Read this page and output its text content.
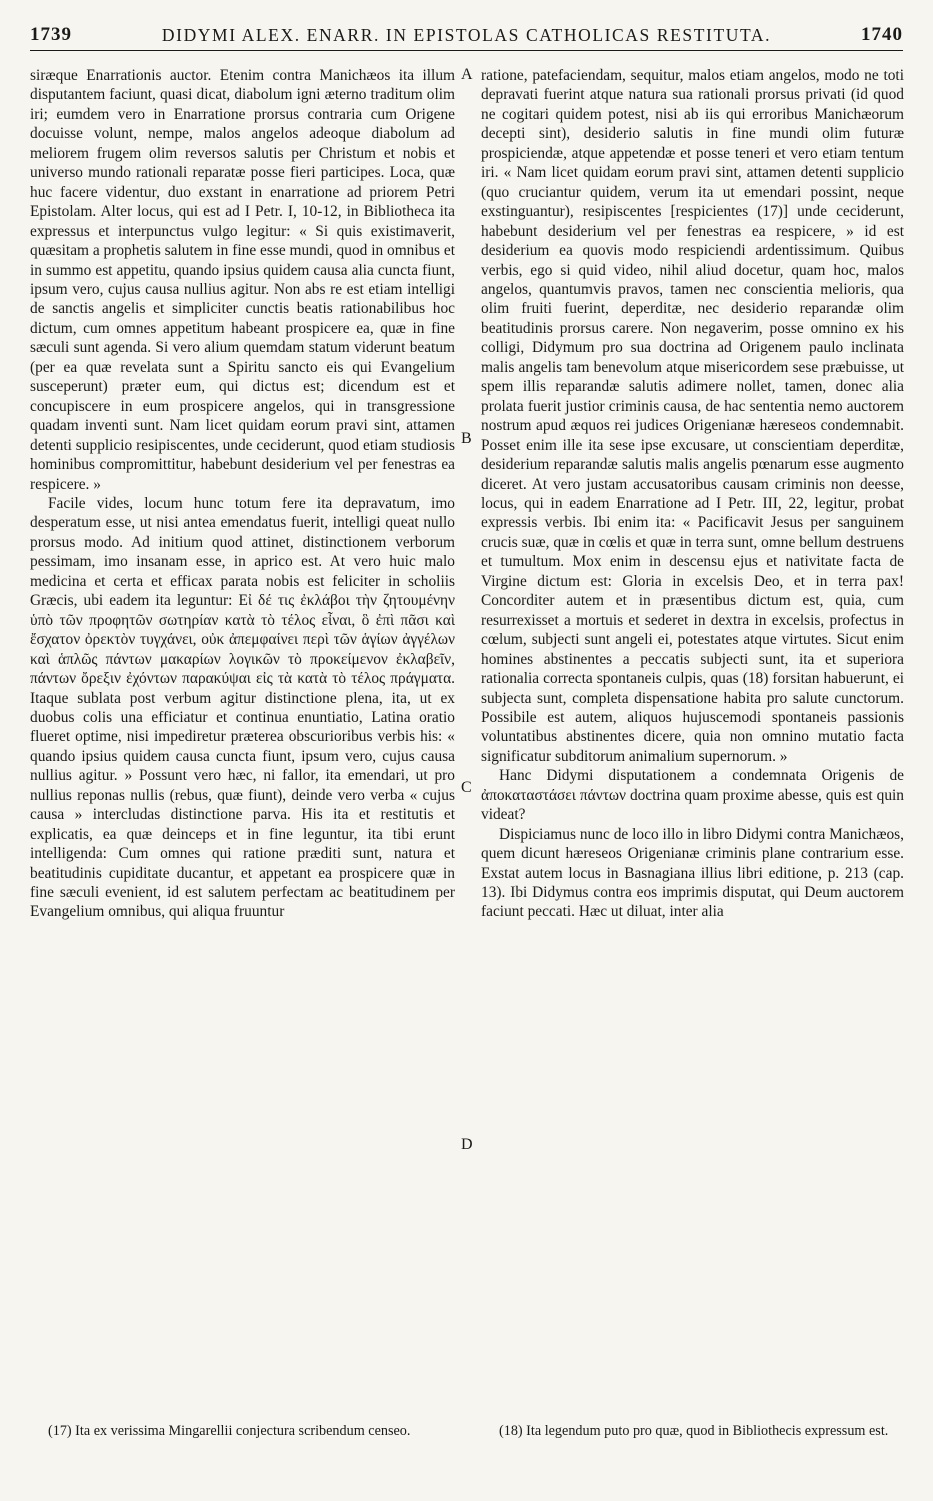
1739	DIDYMI ALEX. ENARR. IN EPISTOLAS CATHOLICAS RESTITUTA.	1740

siræque Enarrationis auctor. Etenim contra Manichæos ita illum disputantem faciunt, quasi dicat, diabolum igni æterno traditum olim iri; eumdem vero in Enarratione prorsus contraria cum Origene docuisse volunt, nempe, malos angelos adeoque diabolum ad meliorem frugem olim reversos salutis per Christum et nobis et universo mundo rationali reparatæ posse fieri participes. Loca, quæ huc facere videntur, duo exstant in enarratione ad priorem Petri Epistolam. Alter locus, qui est ad I Petr. I, 10-12, in Bibliotheca ita expressus et interpunctus vulgo legitur: « Si quis existimaverit, quæsitam a prophetis salutem in fine esse mundi, quod in omnibus et in summo est appetitu, quando ipsius quidem causa alia cuncta fiunt, ipsum vero, cujus causa nullius agitur. Non abs re est etiam intelligi de sanctis angelis et simpliciter cunctis beatis rationabilibus hoc dictum, cum omnes appetitum habeant prospicere ea, quæ in fine sæculi sunt agenda. Si vero alium quemdam statum viderunt beatum (per ea quæ revelata sunt a Spiritu sancto eis qui Evangelium susceperunt) præter eum, qui dictus est; dicendum est et concupiscere in eum prospicere angelos, qui in transgressione quadam inventi sunt. Nam licet quidam eorum pravi sint, attamen detenti supplicio resipiscentes, unde ceciderunt, quod etiam studiosis hominibus compromittitur, habebunt desiderium vel per fenestras ea respicere. »

Facile vides, locum hunc totum fere ita depravatum, imo desperatum esse, ut nisi antea emendatus fuerit, intelligi queat nullo prorsus modo. Ad initium quod attinet, distinctionem verborum pessimam, imo insanam esse, in aprico est. At vero huic malo medicina et certa et efficax parata nobis est feliciter in scholiis Græcis, ubi eadem ita leguntur: Εἰ δέ τις ἐκλάβοι τὴν ζητουμένην ὑπὸ τῶν προφητῶν σωτηρίαν κατὰ τὸ τέλος εἶναι, ὃ ἐπὶ πᾶσι καὶ ἔσχατον ὀρεκτὸν τυγχάνει, οὐκ ἀπεμφαίνει περὶ τῶν ἁγίων ἀγγέλων καὶ ἁπλῶς πάντων μακαρίων λογικῶν τὸ προκείμενον ἐκλαβεῖν, πάντων ὄρεξιν ἐχόντων παρακύψαι εἰς τὰ κατὰ τὸ τέλος πράγματα. Itaque sublata post verbum agitur distinctione plena, ita, ut ex duobus colis una efficiatur et continua enuntiatio, Latina oratio flueret optime, nisi impediretur præterea obscurioribus verbis his: « quando ipsius quidem causa cuncta fiunt, ipsum vero, cujus causa nullius agitur. » Possunt vero hæc, ni fallor, ita emendari, ut pro nullius reponas nullis (rebus, quæ fiunt), deinde vero verba « cujus causa » intercludas distinctione parva. His ita et restitutis et explicatis, ea quæ deinceps et in fine leguntur, ita tibi erunt intelligenda: Cum omnes qui ratione præditi sunt, natura et beatitudinis cupiditate ducantur, et appetant ea prospicere quæ in fine sæculi evenient, id est salutem perfectam ac beatitudinem per Evangelium omnibus, qui aliqua fruuntur

A
B
C
D

ratione, patefaciendam, sequitur, malos etiam angelos, modo ne toti depravati fuerint atque natura sua rationali prorsus privati (id quod ne cogitari quidem potest, nisi ab iis qui erroribus Manichæorum decepti sint), desiderio salutis in fine mundi olim futuræ prospiciendæ, atque appetendæ et posse teneri et vero etiam tentum iri. « Nam licet quidam eorum pravi sint, attamen detenti supplicio (quo cruciantur quidem, verum ita ut emendari possint, neque exstinguantur), resipiscentes [respicientes (17)] unde ceciderunt, habebunt desiderium vel per fenestras ea respicere, » id est desiderium ea quovis modo respiciendi ardentissimum. Quibus verbis, ego si quid video, nihil aliud docetur, quam hoc, malos angelos, quantumvis pravos, tamen nec conscientia melioris, qua olim fruiti fuerint, deperditæ, nec desiderio reparandæ olim beatitudinis prorsus carere. Non negaverim, posse omnino ex his colligi, Didymum pro sua doctrina ad Origenem paulo inclinata malis angelis tam benevolum atque misericordem sese præbuisse, ut spem illis reparandæ salutis adimere nollet, tamen, donec alia prolata fuerit justior criminis causa, de hac sententia nemo auctorem nostrum apud æquos rei judices Origenianæ hæreseos condemnabit. Posset enim ille ita sese ipse excusare, ut conscientiam deperditæ, desiderium reparandæ salutis malis angelis pœnarum esse augmento diceret. At vero justam accusatoribus causam criminis non deesse, locus, qui in eadem Enarratione ad I Petr. III, 22, legitur, probat expressis verbis. Ibi enim ita: « Pacificavit Jesus per sanguinem crucis suæ, quæ in cœlis et quæ in terra sunt, omne bellum destruens et tumultum. Mox enim in descensu ejus et nativitate facta de Virgine dictum est: Gloria in excelsis Deo, et in terra pax! Concorditer autem et in præsentibus dictum est, quia, cum resurrexisset a mortuis et sederet in dextra in excelsis, profectus in cœlum, subjecti sunt angeli ei, potestates atque virtutes. Sicut enim homines abstinentes a peccatis subjecti sunt, ita et superiora rationalia correcta spontaneis culpis, quas (18) forsitan habuerunt, ei subjecta sunt, completa dispensatione habita pro salute cunctorum. Possibile est autem, aliquos hujuscemodi spontaneis passionis voluntatibus abstinentes dicere, quia non omnino mutatio facta significatur subditorum animalium supernorum. »

Hanc Didymi disputationem a condemnata Origenis de ἀποκαταστάσει πάντων doctrina quam proxime abesse, quis est quin videat?

Dispiciamus nunc de loco illo in libro Didymi contra Manichæos, quem dicunt hæreseos Origenianæ criminis plane contrarium esse. Exstat autem locus in Basnagiana illius libri editione, p. 213 (cap. 13). Ibi Didymus contra eos imprimis disputat, qui Deum auctorem faciunt peccati. Hæc ut diluat, inter alia

(17) Ita ex verissima Mingarellii conjectura scribendum censeo.	(18) Ita legendum puto pro quæ, quod in Bibliothecis expressum est.
